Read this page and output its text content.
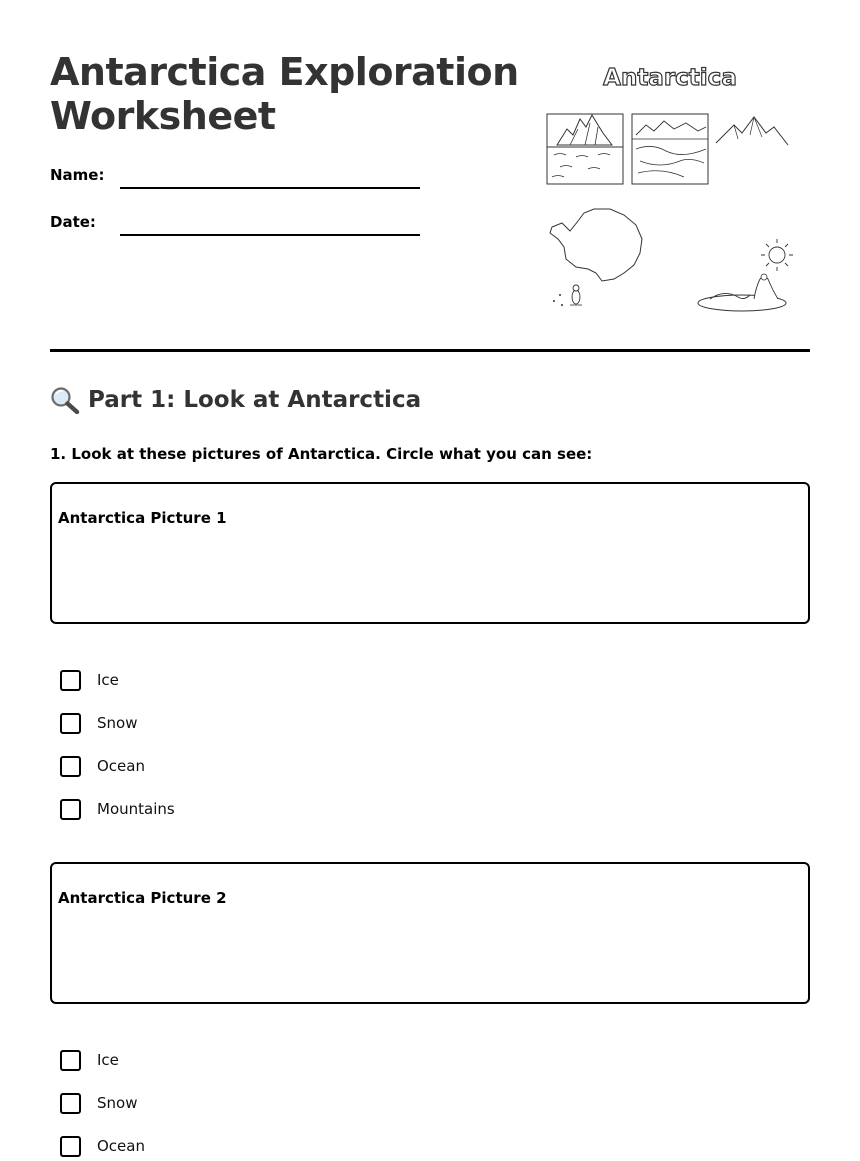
Antarctica Exploration
Worksheet
Name:
Date:
Antarctica
Part 1: Look at Antarctica
1. Look at these pictures of Antarctica. Circle what you can see:
Antarctica Picture 1
Ice
Snow
Ocean
Mountains
Antarctica Picture 2
Ice
Snow
Ocean
